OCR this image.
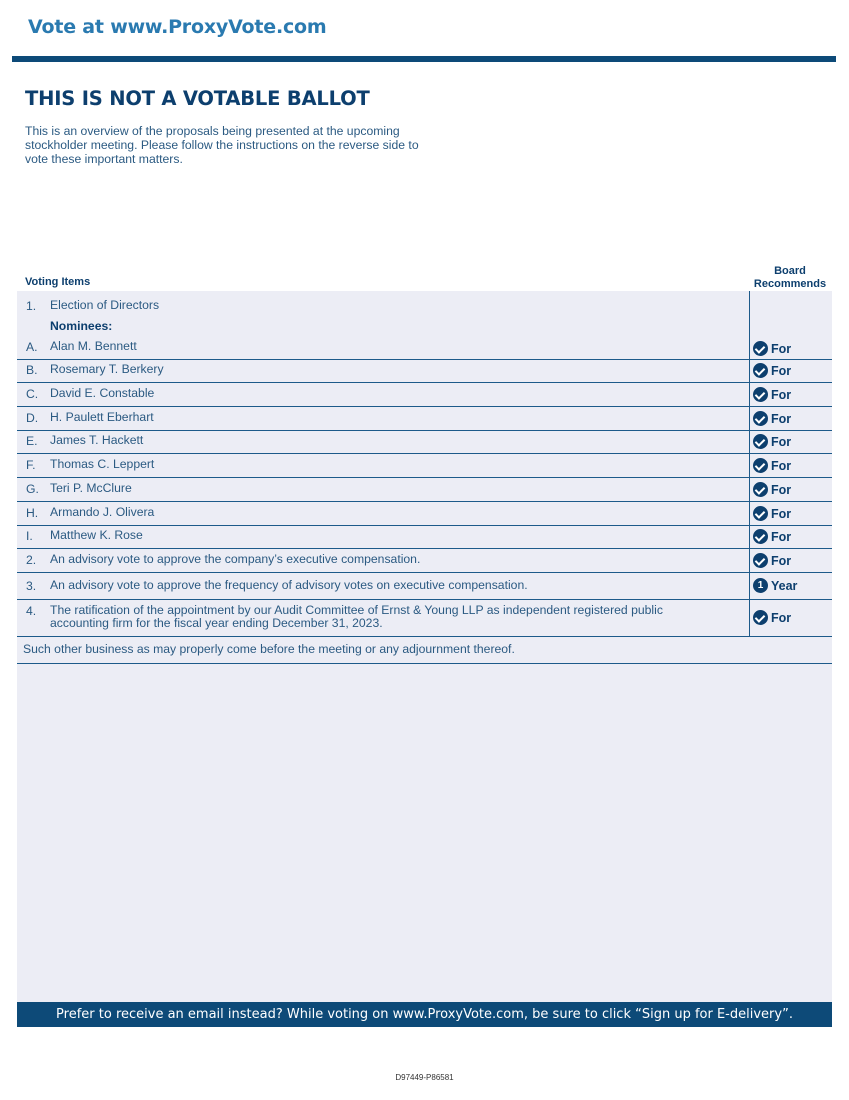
Vote at www.ProxyVote.com
THIS IS NOT A VOTABLE BALLOT
This is an overview of the proposals being presented at the upcoming stockholder meeting. Please follow the instructions on the reverse side to vote these important matters.
Voting Items
Board
Recommends
1. Election of Directors
Nominees:
A. Alan M. Bennett	For
B. Rosemary T. Berkery	For
C. David E. Constable	For
D. H. Paulett Eberhart	For
E. James T. Hackett	For
F. Thomas C. Leppert	For
G. Teri P. McClure	For
H. Armando J. Olivera	For
I. Matthew K. Rose	For
2. An advisory vote to approve the company’s executive compensation.	For
3. An advisory vote to approve the frequency of advisory votes on executive compensation.	1 Year
4. The ratification of the appointment by our Audit Committee of Ernst & Young LLP as independent registered public
accounting firm for the fiscal year ending December 31, 2023.	For
Such other business as may properly come before the meeting or any adjournment thereof.
Prefer to receive an email instead? While voting on www.ProxyVote.com, be sure to click “Sign up for E-delivery”.
D97449-P86581
